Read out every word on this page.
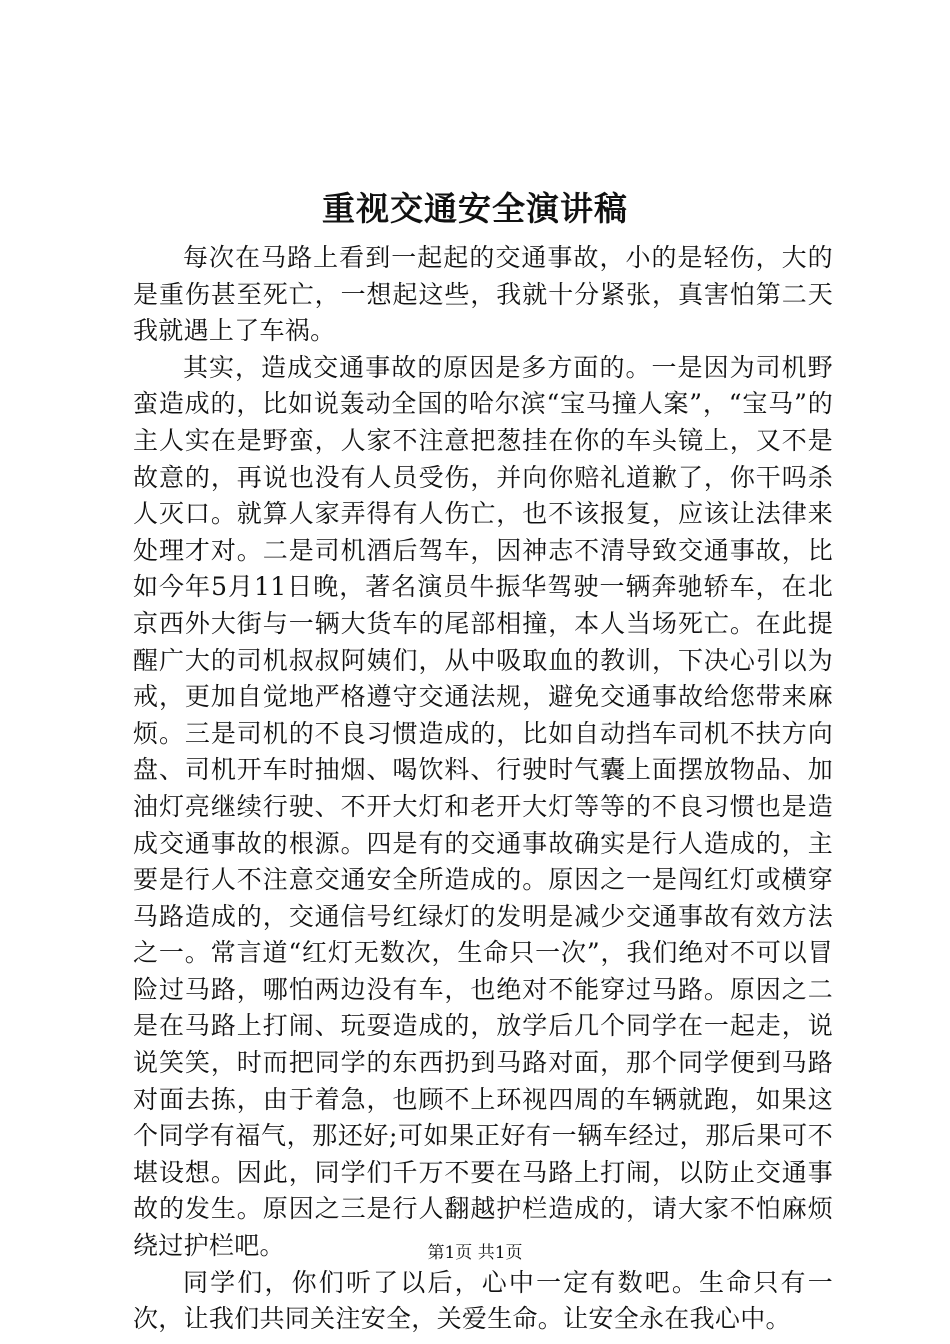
重视交通安全演讲稿

每次在马路上看到一起起的交通事故，小的是轻伤，大的是重伤甚至死亡，一想起这些，我就十分紧张，真害怕第二天我就遇上了车祸。

其实，造成交通事故的原因是多方面的。一是因为司机野蛮造成的，比如说轰动全国的哈尔滨“宝马撞人案”，“宝马”的主人实在是野蛮，人家不注意把葱挂在你的车头镜上，又不是故意的，再说也没有人员受伤，并向你赔礼道歉了，你干吗杀人灭口。就算人家弄得有人伤亡，也不该报复，应该让法律来处理才对。二是司机酒后驾车，因神志不清导致交通事故，比如今年5月11日晚，著名演员牛振华驾驶一辆奔驰轿车，在北京西外大街与一辆大货车的尾部相撞，本人当场死亡。在此提醒广大的司机叔叔阿姨们，从中吸取血的教训，下决心引以为戒，更加自觉地严格遵守交通法规，避免交通事故给您带来麻烦。三是司机的不良习惯造成的，比如自动挡车司机不扶方向盘、司机开车时抽烟、喝饮料、行驶时气囊上面摆放物品、加油灯亮继续行驶、不开大灯和老开大灯等等的不良习惯也是造成交通事故的根源。四是有的交通事故确实是行人造成的，主要是行人不注意交通安全所造成的。原因之一是闯红灯或横穿马路造成的，交通信号红绿灯的发明是减少交通事故有效方法之一。常言道“红灯无数次，生命只一次”，我们绝对不可以冒险过马路，哪怕两边没有车，也绝对不能穿过马路。原因之二是在马路上打闹、玩耍造成的，放学后几个同学在一起走，说说笑笑，时而把同学的东西扔到马路对面，那个同学便到马路对面去拣，由于着急，也顾不上环视四周的车辆就跑，如果这个同学有福气，那还好;可如果正好有一辆车经过，那后果可不堪设想。因此，同学们千万不要在马路上打闹，以防止交通事故的发生。原因之三是行人翻越护栏造成的，请大家不怕麻烦绕过护栏吧。

同学们，你们听了以后，心中一定有数吧。生命只有一次，让我们共同关注安全，关爱生命。让安全永在我心中。

第1页 共1页
